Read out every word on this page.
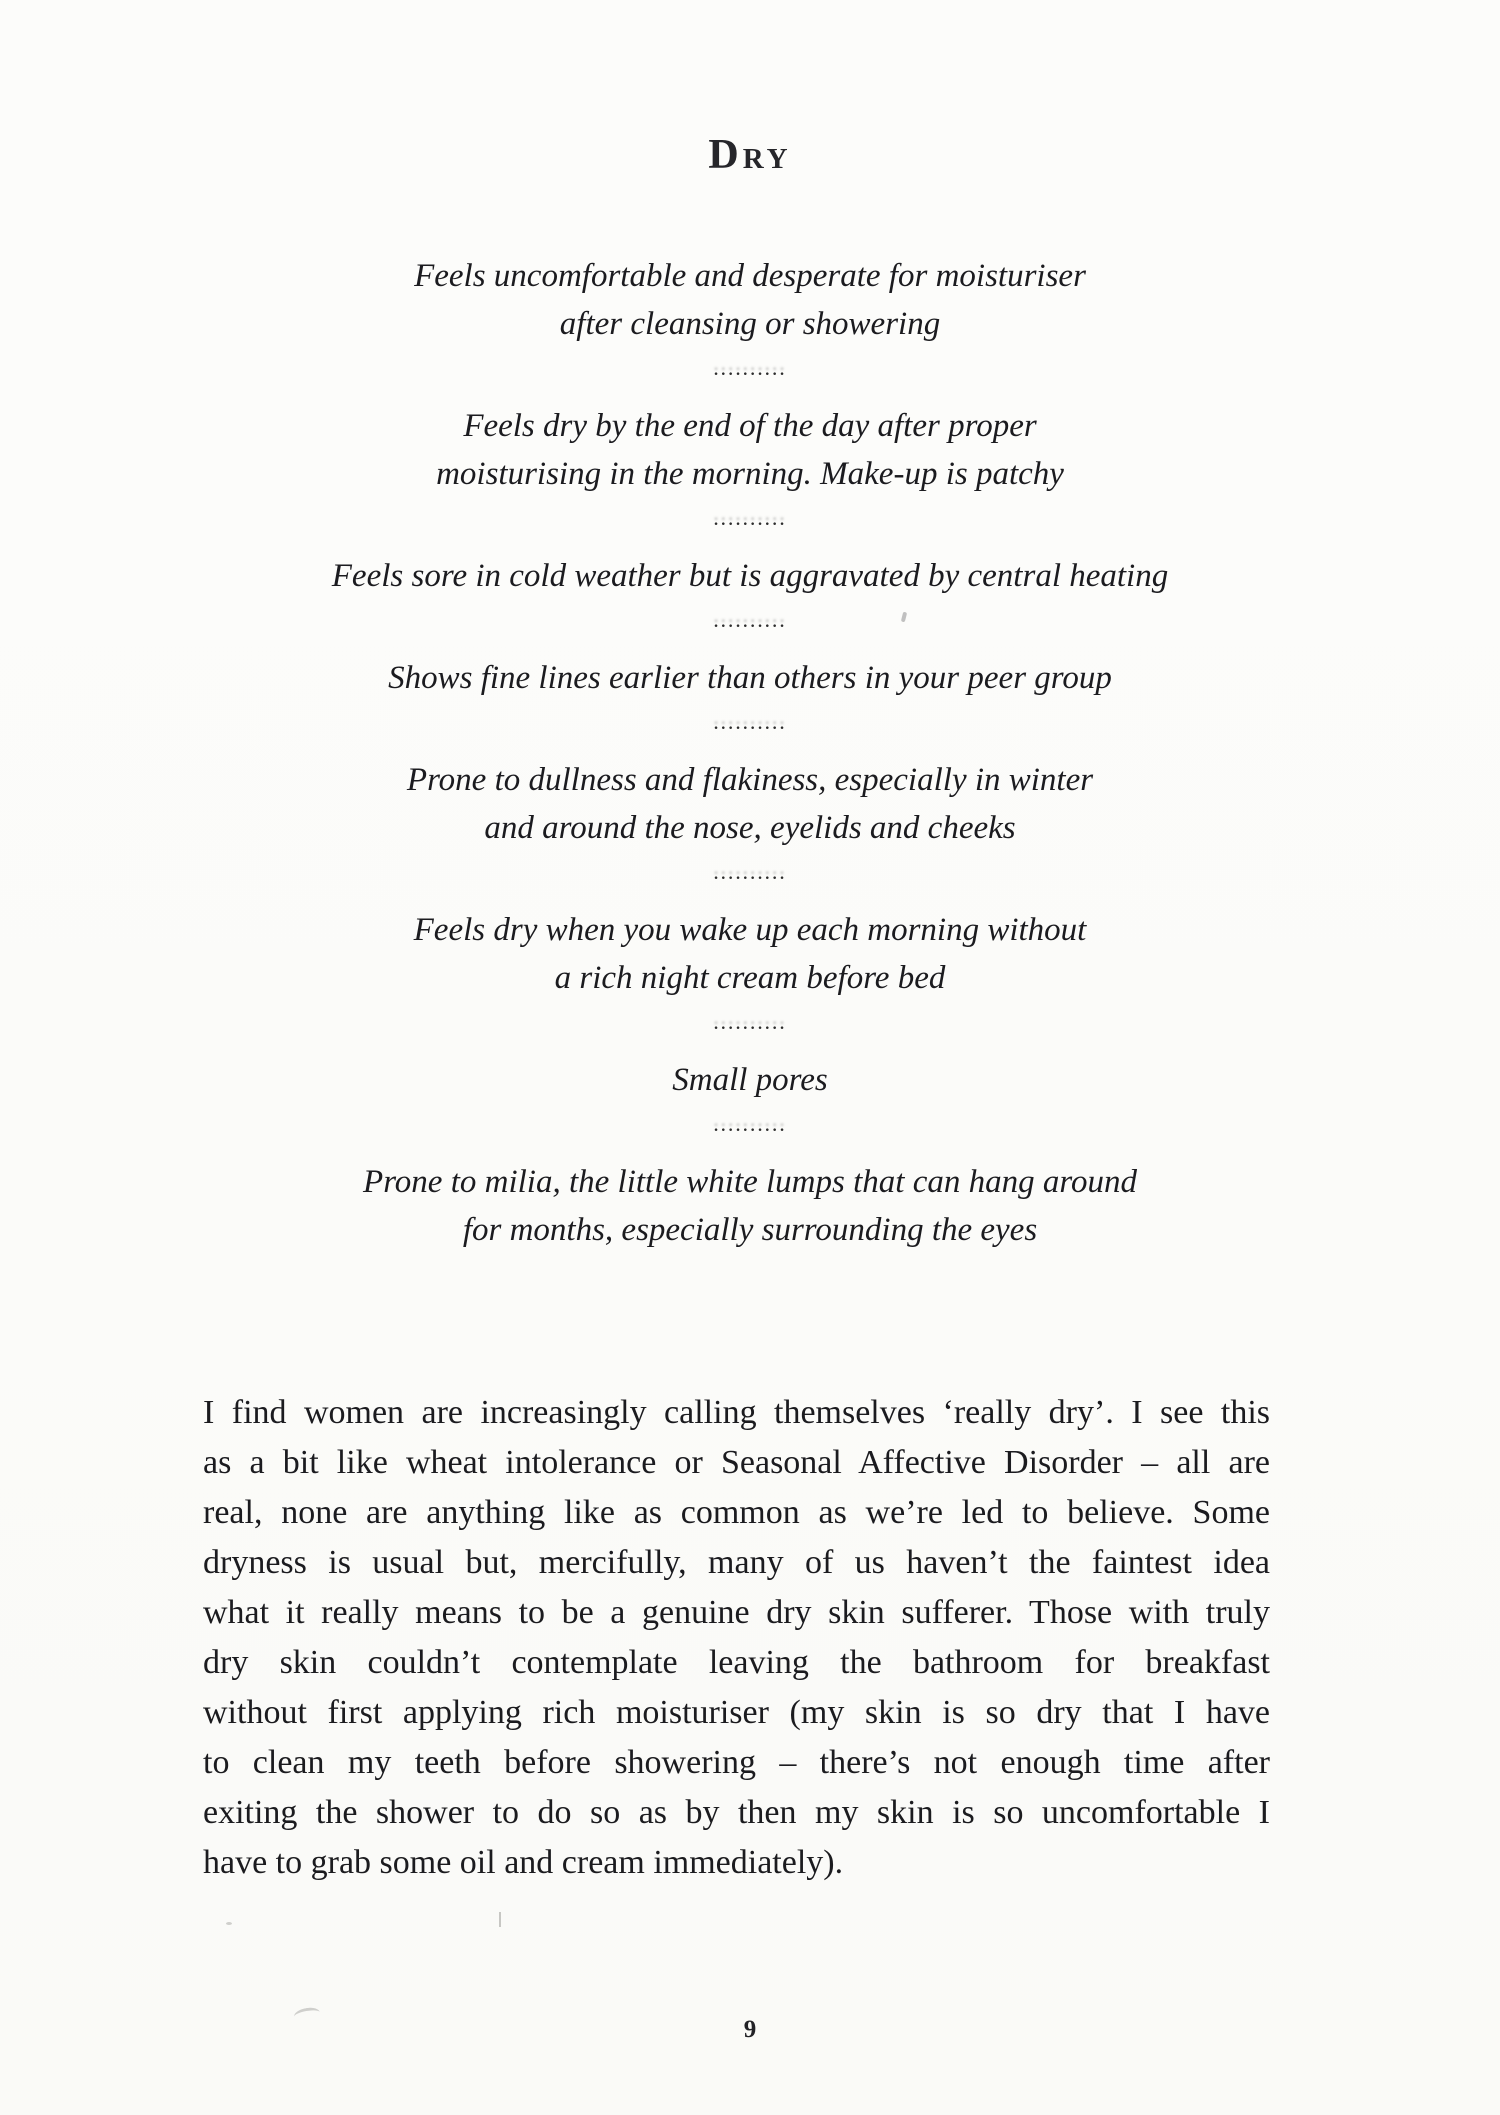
Dry
Feels uncomfortable and desperate for moisturiser
after cleansing or showering
··········
Feels dry by the end of the day after proper
moisturising in the morning. Make-up is patchy
··········
Feels sore in cold weather but is aggravated by central heating
··········
Shows fine lines earlier than others in your peer group
··········
Prone to dullness and flakiness, especially in winter
and around the nose, eyelids and cheeks
··········
Feels dry when you wake up each morning without
a rich night cream before bed
··········
Small pores
··········
Prone to milia, the little white lumps that can hang around
for months, especially surrounding the eyes
I find women are increasingly calling themselves ‘really dry’. I see this
as a bit like wheat intolerance or Seasonal Affective Disorder – all are
real, none are anything like as common as we’re led to believe. Some
dryness is usual but, mercifully, many of us haven’t the faintest idea
what it really means to be a genuine dry skin sufferer. Those with truly
dry skin couldn’t contemplate leaving the bathroom for breakfast
without first applying rich moisturiser (my skin is so dry that I have
to clean my teeth before showering – there’s not enough time after
exiting the shower to do so as by then my skin is so uncomfortable I
have to grab some oil and cream immediately).
9
